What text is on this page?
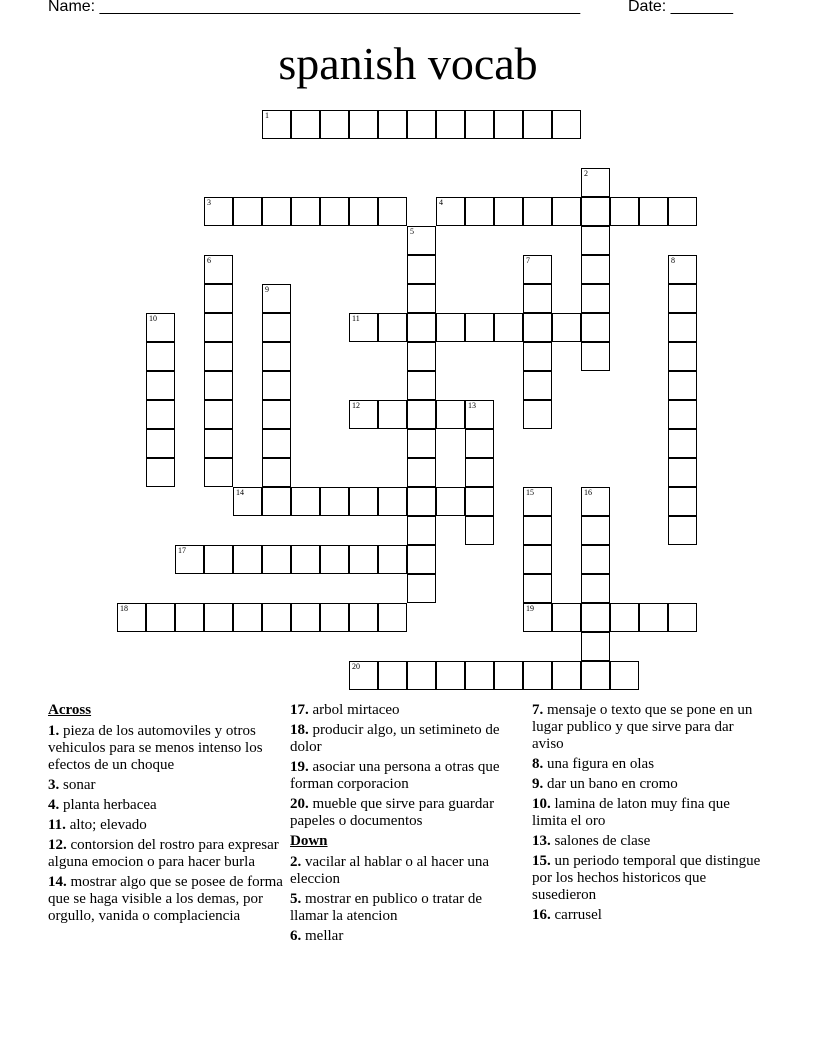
Name: ______________________________________________________	Date: _______
spanish vocab
1
2
3	4
5
6	7	8
9
10	11
12	13
14	15
19
16
17
18
20
Across
1. pieza de los automoviles y otros vehiculos para se menos intenso los efectos de un choque
3. sonar
4. planta herbacea
11. alto; elevado
12. contorsion del rostro para expresar alguna emocion o para hacer burla
14. mostrar algo que se posee de forma que se haga visible a los demas, por orgullo, vanida o complaciencia
17. arbol mirtaceo
18. producir algo, un setimineto de dolor
19. asociar una persona a otras que forman corporacion
20. mueble que sirve para guardar papeles o documentos
Down
2. vacilar al hablar o al hacer una eleccion
5. mostrar en publico o tratar de llamar la atencion
6. mellar
7. mensaje o texto que se pone en un lugar publico y que sirve para dar aviso
8. una figura en olas
9. dar un bano en cromo
10. lamina de laton muy fina que limita el oro
13. salones de clase
15. un periodo temporal que distingue por los hechos historicos que susedieron
16. carrusel
